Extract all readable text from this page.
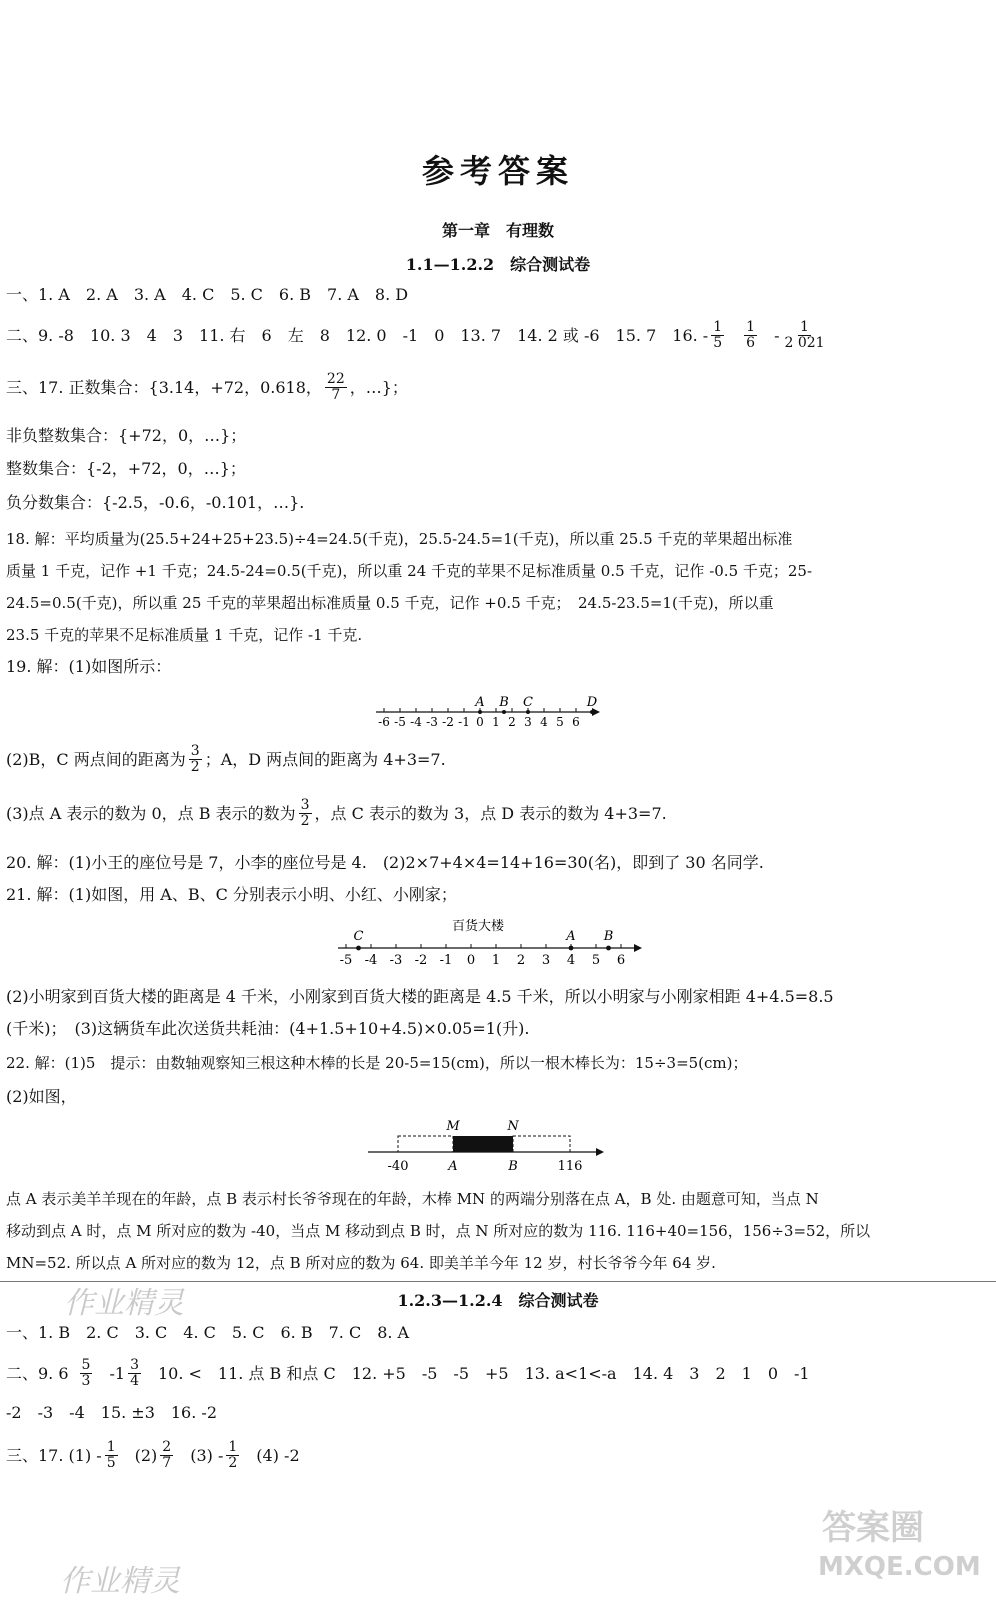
参考答案
第一章　有理数
1.1—1.2.2　综合测试卷
一、1. A　2. A　3. A　4. C　5. C　6. B　7. A　8. D
二、9. -8　10. 3　4　3　11. 右　6　左　8　12. 0　-1　0　13. 7　14. 2 或 -6　15. 7　16. - $\frac{1}{5} \frac{1}{6} - \frac{1}{2 021}$
三、17. 正数集合：{3.14，+72，0.618， $\frac{22}{7}$ ，…}；
非负整数集合：{+72，0，…}；
整数集合：{-2，+72，0，…}；
负分数集合：{-2.5，-0.6，-0.101，…}.
18. 解：平均质量为(25.5+24+25+23.5)÷4=24.5(千克)，25.5-24.5=1(千克)，所以重 25.5 千克的苹果超出标准
质量 1 千克，记作 +1 千克；24.5-24=0.5(千克)，所以重 24 千克的苹果不足标准质量 0.5 千克，记作 -0.5 千克；25-
24.5=0.5(千克)，所以重 25 千克的苹果超出标准质量 0.5 千克，记作 +0.5 千克；　24.5-23.5=1(千克)，所以重
23.5 千克的苹果不足标准质量 1 千克，记作 -1 千克.
19. 解：(1)如图所示：
-6 -5 -4 -3 -2 -1 0 1 2 3 4 5 6
A B C	D
(2)B，C 两点间的距离为 $\frac{3}{2}$ ；A，D 两点间的距离为 4+3=7.
(3)点 A 表示的数为 0，点 B 表示的数为 $\frac{3}{2}$ ，点 C 表示的数为 3，点 D 表示的数为 4+3=7.
20. 解：(1)小王的座位号是 7，小李的座位号是 4.　(2)2×7+4×4=14+16=30(名)，即到了 30 名同学.
21. 解：(1)如图，用 A、B、C 分别表示小明、小红、小刚家；
百货大楼
-5 -4 -3 -2 -1 0 1 2 3 4 5 6
C	A B
(2)小明家到百货大楼的距离是 4 千米，小刚家到百货大楼的距离是 4.5 千米，所以小明家与小刚家相距 4+4.5=8.5
(千米)；　(3)这辆货车此次送货共耗油：(4+1.5+10+4.5)×0.05=1(升).
22. 解：(1)5　提示：由数轴观察知三根这种木棒的长是 20-5=15(cm)，所以一根木棒长为：15÷3=5(cm)；
(2)如图，
M	N
-40	A	B	116
点 A 表示美羊羊现在的年龄，点 B 表示村长爷爷现在的年龄，木棒 MN 的两端分别落在点 A，B 处. 由题意可知，当点 N
移动到点 A 时，点 M 所对应的数为 -40，当点 M 移动到点 B 时，点 N 所对应的数为 116. 116+40=156，156÷3=52，所以
MN=52. 所以点 A 所对应的数为 12，点 B 所对应的数为 64. 即美羊羊今年 12 岁，村长爷爷今年 64 岁.
作业精灵	1.2.3—1.2.4　综合测试卷
一、1. B　2. C　3. C　4. C　5. C　6. B　7. C　8. A
二、9. $6 \frac{5}{3} -1 \frac{3}{4} 10$. <　11. 点 B 和点 C　12. +5　-5　-5　+5　13. a<1<-a　14. 4　3　2　1　0　-1
-2　-3　-4　15. ±3　16. -2
三、17. $(1) - \frac{1}{5} (2) \frac{2}{7} (3) - \frac{1}{2} (4)$ -2
作业精灵
答案圈
MXQE.COM
